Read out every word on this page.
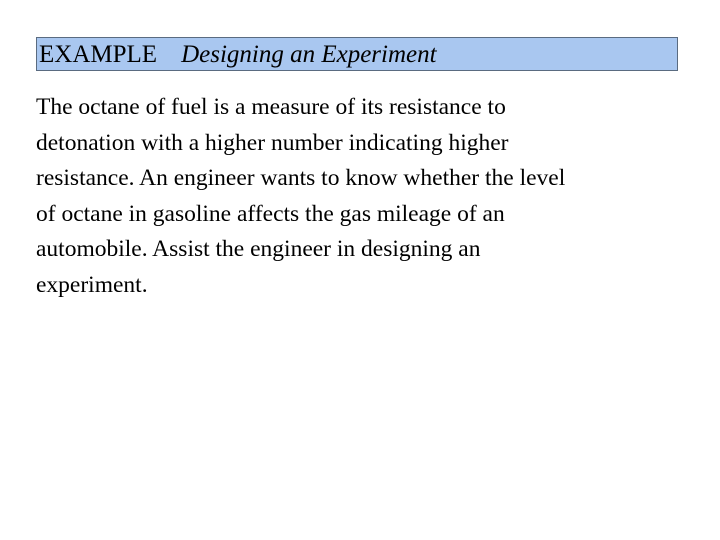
EXAMPLE Designing an Experiment

The octane of fuel is a measure of its resistance to
detonation with a higher number indicating higher
resistance. An engineer wants to know whether the level
of octane in gasoline affects the gas mileage of an
automobile. Assist the engineer in designing an
experiment.
